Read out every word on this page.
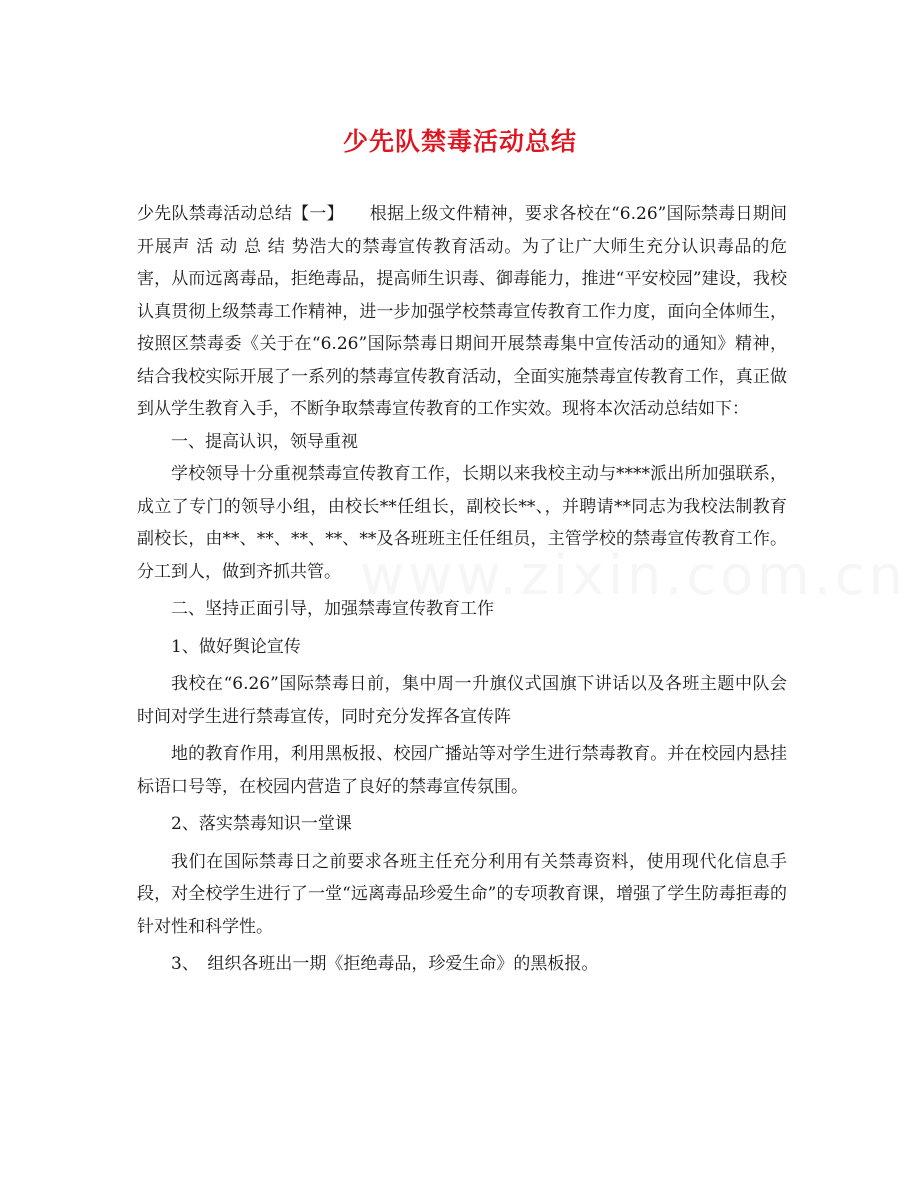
少先队禁毒活动总结
www.zixin.com.cn

少先队禁毒活动总结【一】　　根据上级文件精神，要求各校在“6.26”国际禁毒日期间开展声 活 动 总 结 势浩大的禁毒宣传教育活动。为了让广大师生充分认识毒品的危害，从而远离毒品，拒绝毒品，提高师生识毒、御毒能力，推进“平安校园”建设，我校认真贯彻上级禁毒工作精神，进一步加强学校禁毒宣传教育工作力度，面向全体师生，按照区禁毒委《关于在“6.26”国际禁毒日期间开展禁毒集中宣传活动的通知》精神，结合我校实际开展了一系列的禁毒宣传教育活动，全面实施禁毒宣传教育工作，真正做到从学生教育入手，不断争取禁毒宣传教育的工作实效。现将本次活动总结如下：

一、提高认识，领导重视

学校领导十分重视禁毒宣传教育工作，长期以来我校主动与****派出所加强联系，成立了专门的领导小组，由校长**任组长，副校长**、，并聘请**同志为我校法制教育副校长，由**、**、**、**、**及各班班主任任组员，主管学校的禁毒宣传教育工作。分工到人，做到齐抓共管。

二、坚持正面引导，加强禁毒宣传教育工作

1、做好舆论宣传

我校在“6.26”国际禁毒日前，集中周一升旗仪式国旗下讲话以及各班主题中队会时间对学生进行禁毒宣传，同时充分发挥各宣传阵

地的教育作用，利用黑板报、校园广播站等对学生进行禁毒教育。并在校园内悬挂标语口号等，在校园内营造了良好的禁毒宣传氛围。

2、落实禁毒知识一堂课

我们在国际禁毒日之前要求各班主任充分利用有关禁毒资料，使用现代化信息手段，对全校学生进行了一堂“远离毒品珍爱生命”的专项教育课，增强了学生防毒拒毒的针对性和科学性。

3、　组织各班出一期《拒绝毒品，珍爱生命》的黑板报。
